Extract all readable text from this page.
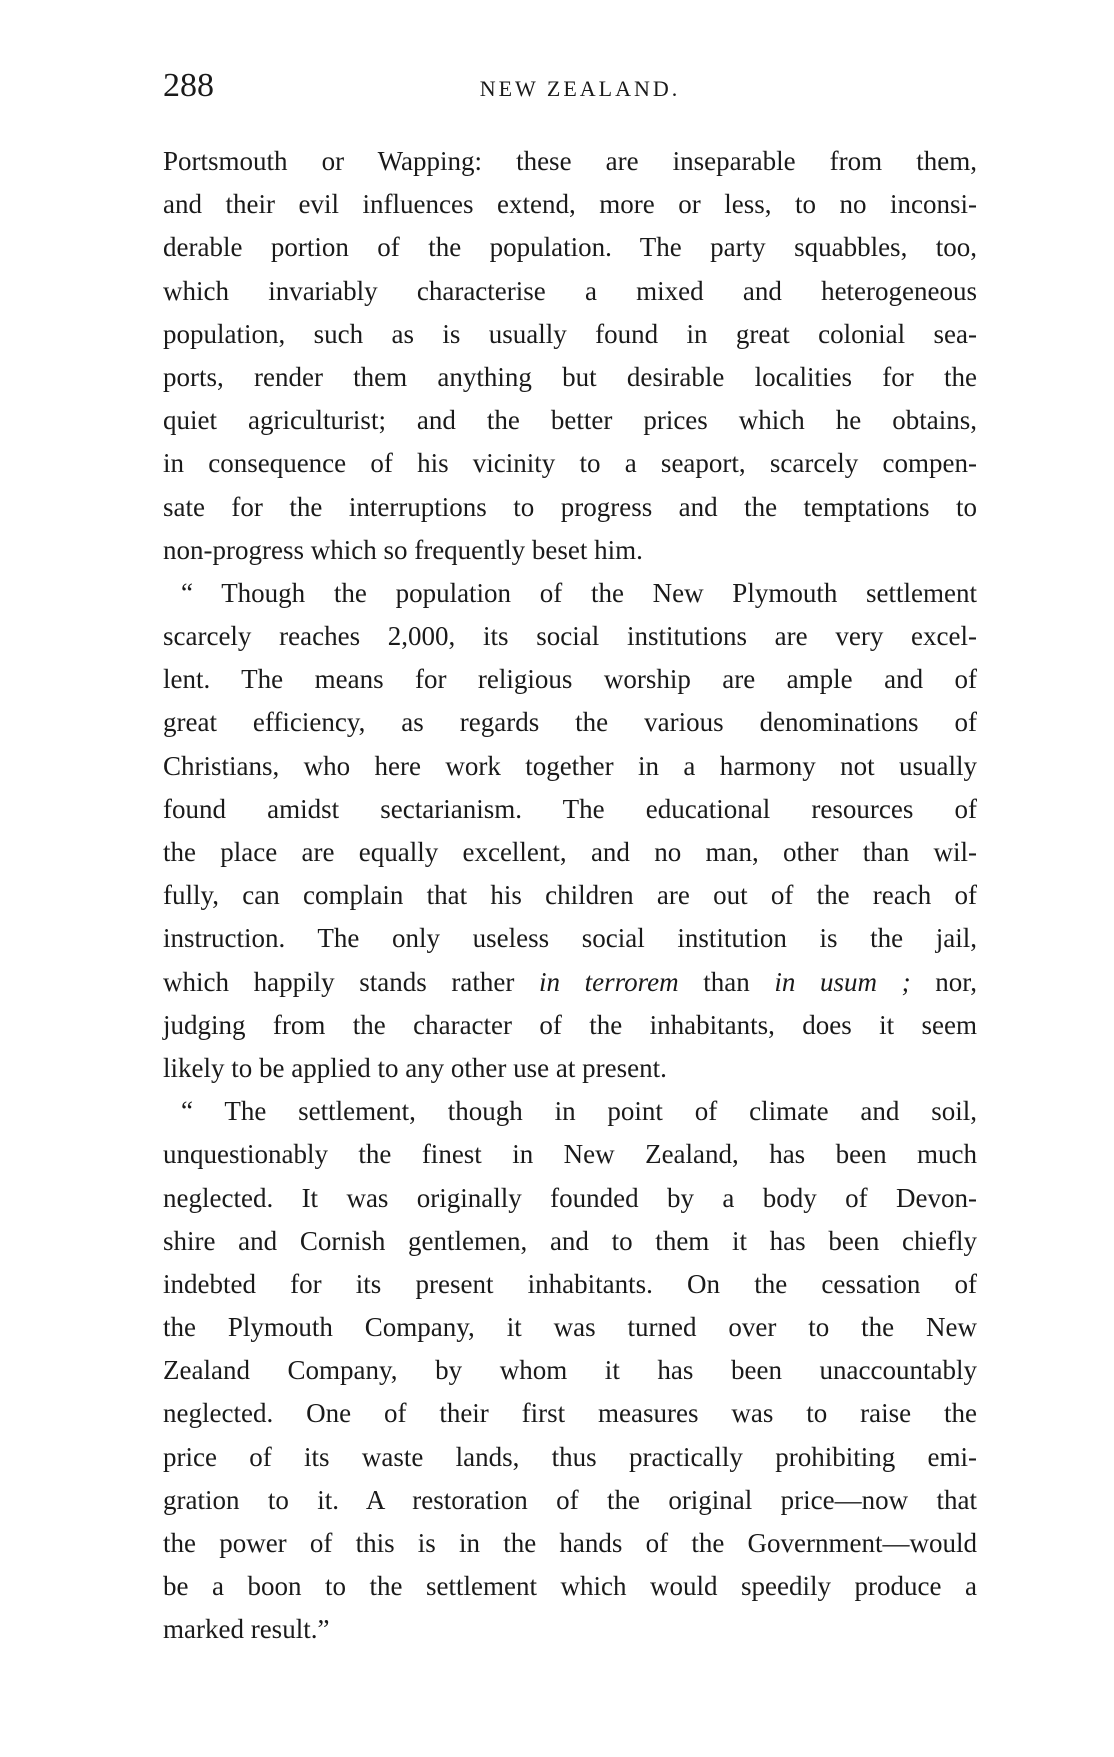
288	NEW ZEALAND.
Portsmouth or Wapping: these are inseparable from them,
and their evil influences extend, more or less, to no inconsi-
derable portion of the population. The party squabbles, too,
which invariably characterise a mixed and heterogeneous
population, such as is usually found in great colonial sea-
ports, render them anything but desirable localities for the
quiet agriculturist; and the better prices which he obtains,
in consequence of his vicinity to a seaport, scarcely compen-
sate for the interruptions to progress and the temptations to
non-progress which so frequently beset him.
“ Though the population of the New Plymouth settlement
scarcely reaches 2,000, its social institutions are very excel-
lent. The means for religious worship are ample and of
great efficiency, as regards the various denominations of
Christians, who here work together in a harmony not usually
found amidst sectarianism. The educational resources of
the place are equally excellent, and no man, other than wil-
fully, can complain that his children are out of the reach of
instruction. The only useless social institution is the jail,
which happily stands rather in terrorem than in usum ; nor,
judging from the character of the inhabitants, does it seem
likely to be applied to any other use at present.
“ The settlement, though in point of climate and soil,
unquestionably the finest in New Zealand, has been much
neglected. It was originally founded by a body of Devon-
shire and Cornish gentlemen, and to them it has been chiefly
indebted for its present inhabitants. On the cessation of
the Plymouth Company, it was turned over to the New
Zealand Company, by whom it has been unaccountably
neglected. One of their first measures was to raise the
price of its waste lands, thus practically prohibiting emi-
gration to it. A restoration of the original price—now that
the power of this is in the hands of the Government—would
be a boon to the settlement which would speedily produce a
marked result.”
